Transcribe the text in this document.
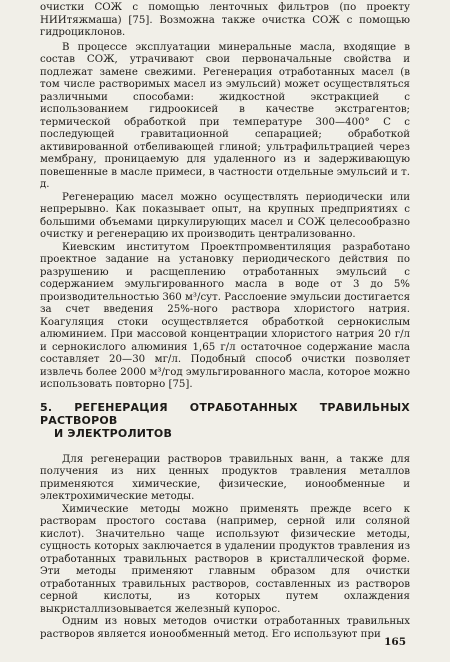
очистки СОЖ с помощью ленточных фильтров (по проекту НИИтяжмаша) [75]. Возможна также очистка СОЖ с помощью гидроциклонов.

В процессе эксплуатации минеральные масла, входящие в состав СОЖ, утрачивают свои первоначальные свойства и подлежат замене свежими. Регенерация отработанных масел (в том числе растворимых масел из эмульсий) может осуществляться различными способами: жидкостной экстракцией с использованием гидроокисей в качестве экстрагентов; термической обработкой при температуре 300—400° С с последующей гравитационной сепарацией; обработкой активированной отбеливающей глиной; ультрафильтрацией через мембрану, проницаемую для удаленного из и задерживающую повешенные в масле примеси, в частности отдельные эмульсий и т. д.

Регенерацию масел можно осуществлять периодически или непрерывно. Как показывает опыт, на крупных предприятиях с большими объемами циркулирующих масел и СОЖ целесообразно очистку и регенерацию их производить централизованно.

Киевским институтом Проектпромвентиляция разработано проектное задание на установку периодического действия по разрушению и расщеплению отработанных эмульсий с содержанием эмульгированного масла в воде от 3 до 5% производительностью 360 м³/сут. Расслоение эмульсии достигается за счет введения 25%-ного раствора хлористого натрия. Коагуляция стоки осуществляется обработкой сернокислым алюминием. При массовой концентрации хлористого натрия 20 г/л и сернокислого алюминия 1,65 г/л остаточное содержание масла составляет 20—30 мг/л. Подобный способ очистки позволяет извлечь более 2000 м³/год эмульгированного масла, которое можно использовать повторно [75].

5. РЕГЕНЕРАЦИЯ ОТРАБОТАННЫХ ТРАВИЛЬНЫХ РАСТВОРОВ
И ЭЛЕКТРОЛИТОВ

Для регенерации растворов травильных ванн, а также для получения из них ценных продуктов травления металлов применяются химические, физические, ионообменные и электрохимические методы.

Химические методы можно применять прежде всего к растворам простого состава (например, серной или соляной кислот). Значительно чаще используют физические методы, сущность которых заключается в удалении продуктов травления из отработанных травильных растворов в кристаллической форме. Эти методы применяют главным образом для очистки отработанных травильных растворов, составленных из растворов серной кислоты, из которых путем охлаждения выкристаллизовывается железный купорос.

Одним из новых методов очистки отработанных травильных растворов является ионообменный метод. Его используют при

165
